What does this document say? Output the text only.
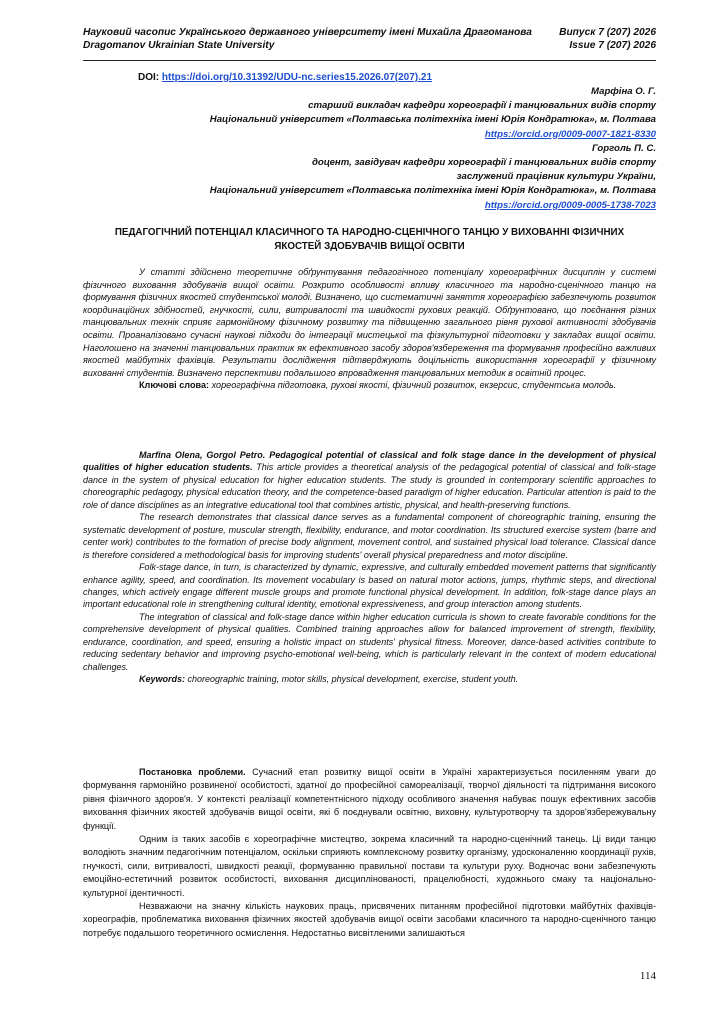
Науковий часопис Українського державного університету імені Михайла Драгоманова
Dragomanov Ukrainian State University
Випуск 7 (207) 2026
Issue 7 (207) 2026
DOI: https://doi.org/10.31392/UDU-nc.series15.2026.07(207).21
Марфіна О. Г.
старший викладач кафедри хореографії і танцювальних видів спорту
Національний університет «Полтавська політехніка імені Юрія Кондратюка», м. Полтава
https://orcid.org/0009-0007-1821-8330
Горголь П. С.
доцент, завідувач кафедри хореографії і танцювальних видів спорту
заслужений працівник культури України,
Національний університет «Полтавська політехніка імені Юрія Кондратюка», м. Полтава
https://orcid.org/0009-0005-1738-7023
ПЕДАГОГІЧНИЙ ПОТЕНЦІАЛ КЛАСИЧНОГО ТА НАРОДНО-СЦЕНІЧНОГО ТАНЦЮ У ВИХОВАННІ ФІЗИЧНИХ
ЯКОСТЕЙ ЗДОБУВАЧІВ ВИЩОЇ ОСВІТИ

У статті здійснено теоретичне обґрунтування педагогічного потенціалу хореографічних дисциплін у системі фізичного виховання здобувачів вищої освіти. Розкрито особливості впливу класичного та народно-сценічного танцю на формування фізичних якостей студентської молоді. Визначено, що систематичні заняття хореографією забезпечують розвиток координаційних здібностей, гнучкості, сили, витривалості та швидкості рухових реакцій. Обґрунтовано, що поєднання різних танцювальних технік сприяє гармонійному фізичному розвитку та підвищенню загального рівня рухової активності здобувачів освіти. Проаналізовано сучасні наукові підходи до інтеграції мистецької та фізкультурної підготовки у закладах вищої освіти. Наголошено на значенні танцювальних практик як ефективного засобу здоров'язбереження та формування професійно важливих якостей майбутніх фахівців. Результати дослідження підтверджують доцільність використання хореографії у фізичному вихованні студентів. Визначено перспективи подальшого впровадження танцювальних методик в освітній процес.

Ключові слова: хореографічна підготовка, рухові якості, фізичний розвиток, екзерсис, студентська молодь.

Marfina Olena, Gorgol Petro. Pedagogical potential of classical and folk stage dance in the development of physical qualities of higher education students. This article provides a theoretical analysis of the pedagogical potential of classical and folk-stage dance in the system of physical education for higher education students. The study is grounded in contemporary scientific approaches to choreographic pedagogy, physical education theory, and the competence-based paradigm of higher education. Particular attention is paid to the role of dance disciplines as an integrative educational tool that combines artistic, physical, and health-preserving functions.

The research demonstrates that classical dance serves as a fundamental component of choreographic training, ensuring the systematic development of posture, muscular strength, flexibility, endurance, and motor coordination. Its structured exercise system (barre and center work) contributes to the formation of precise body alignment, movement control, and sustained physical load tolerance. Classical dance is therefore considered a methodological basis for improving students' overall physical preparedness and motor discipline.

Folk-stage dance, in turn, is characterized by dynamic, expressive, and culturally embedded movement patterns that significantly enhance agility, speed, and coordination. Its movement vocabulary is based on natural motor actions, jumps, rhythmic steps, and directional changes, which actively engage different muscle groups and promote functional physical development. In addition, folk-stage dance plays an important educational role in strengthening cultural identity, emotional expressiveness, and group interaction among students.

The integration of classical and folk-stage dance within higher education curricula is shown to create favorable conditions for the comprehensive development of physical qualities. Combined training approaches allow for balanced improvement of strength, flexibility, endurance, coordination, and speed, ensuring a holistic impact on students' physical fitness. Moreover, dance-based activities contribute to reducing sedentary behavior and improving psycho-emotional well-being, which is particularly relevant in the context of modern educational challenges.

Keywords: choreographic training, motor skills, physical development, exercise, student youth.

Постановка проблеми. Сучасний етап розвитку вищої освіти в Україні характеризується посиленням уваги до формування гармонійно розвиненої особистості, здатної до професійної самореалізації, творчої діяльності та підтримання високого рівня фізичного здоров'я. У контексті реалізації компетентнісного підходу особливого значення набуває пошук ефективних засобів виховання фізичних якостей здобувачів вищої освіти, які б поєднували освітню, виховну, культуротворчу та здоров'язбережувальну функції.

Одним із таких засобів є хореографічне мистецтво, зокрема класичний та народно-сценічний танець. Ці види танцю володіють значним педагогічним потенціалом, оскільки сприяють комплексному розвитку організму, удосконаленню координації рухів, гнучкості, сили, витривалості, швидкості реакції, формуванню правильної постави та культури руху. Водночас вони забезпечують емоційно-естетичний розвиток особистості, виховання дисциплінованості, працелюбності, художнього смаку та національно-культурної ідентичності.

Незважаючи на значну кількість наукових праць, присвячених питанням професійної підготовки майбутніх фахівців-хореографів, проблематика виховання фізичних якостей здобувачів вищої освіти засобами класичного та народно-сценічного танцю потребує подальшого теоретичного осмислення. Недостатньо висвітленими залишаються

114
